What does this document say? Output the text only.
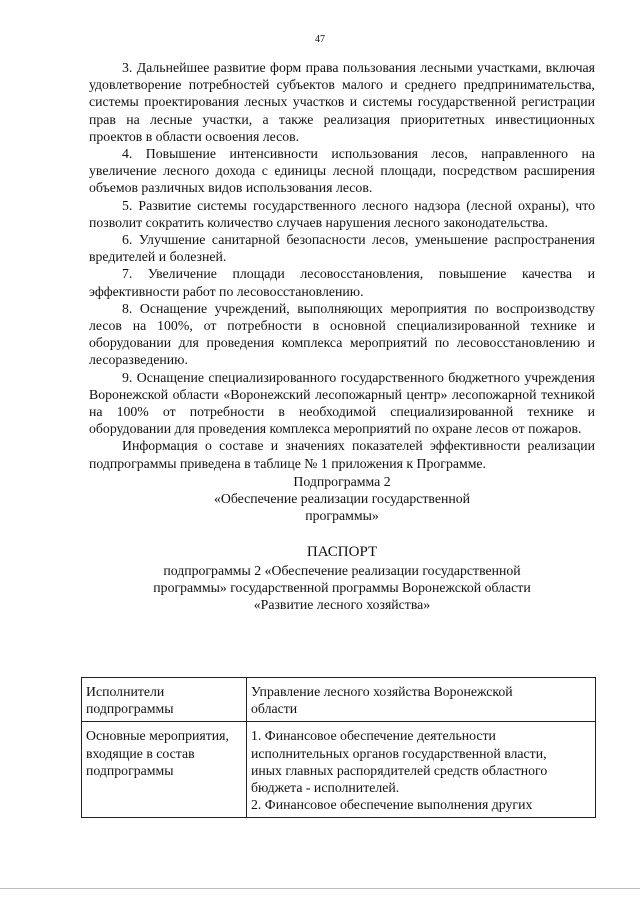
47

3. Дальнейшее развитие форм права пользования лесными участками, включая удовлетворение потребностей субъектов малого и среднего предпринимательства, системы проектирования лесных участков и системы государственной регистрации прав на лесные участки, а также реализация приоритетных инвестиционных проектов в области освоения лесов.

4. Повышение интенсивности использования лесов, направленного на увеличение лесного дохода с единицы лесной площади, посредством расширения объемов различных видов использования лесов.

5. Развитие системы государственного лесного надзора (лесной охраны), что позволит сократить количество случаев нарушения лесного законодательства.

6. Улучшение санитарной безопасности лесов, уменьшение распространения вредителей и болезней.

7. Увеличение площади лесовосстановления, повышение качества и эффективности работ по лесовосстановлению.

8. Оснащение учреждений, выполняющих мероприятия по воспроизводству лесов на 100%, от потребности в основной специализированной технике и оборудовании для проведения комплекса мероприятий по лесовосстановлению и лесоразведению.

9. Оснащение специализированного государственного бюджетного учреждения Воронежской области «Воронежский лесопожарный центр» лесопожарной техникой на 100% от потребности в необходимой специализированной технике и оборудовании для проведения комплекса мероприятий по охране лесов от пожаров.

Информация о составе и значениях показателей эффективности реализации подпрограммы приведена в таблице № 1 приложения к Программе.

Подпрограмма 2
«Обеспечение реализации государственной
программы»
ПАСПОРТ
подпрограммы 2 «Обеспечение реализации государственной
программы» государственной программы Воронежской области
«Развитие лесного хозяйства»
Исполнители
подпрограммы	Управление лесного хозяйства Воронежской
области

Основные мероприятия,
входящие в состав
подпрограммы	1. Финансовое обеспечение деятельности
исполнительных органов государственной власти,
иных главных распорядителей средств областного
бюджета - исполнителей.
2. Финансовое обеспечение выполнения других
